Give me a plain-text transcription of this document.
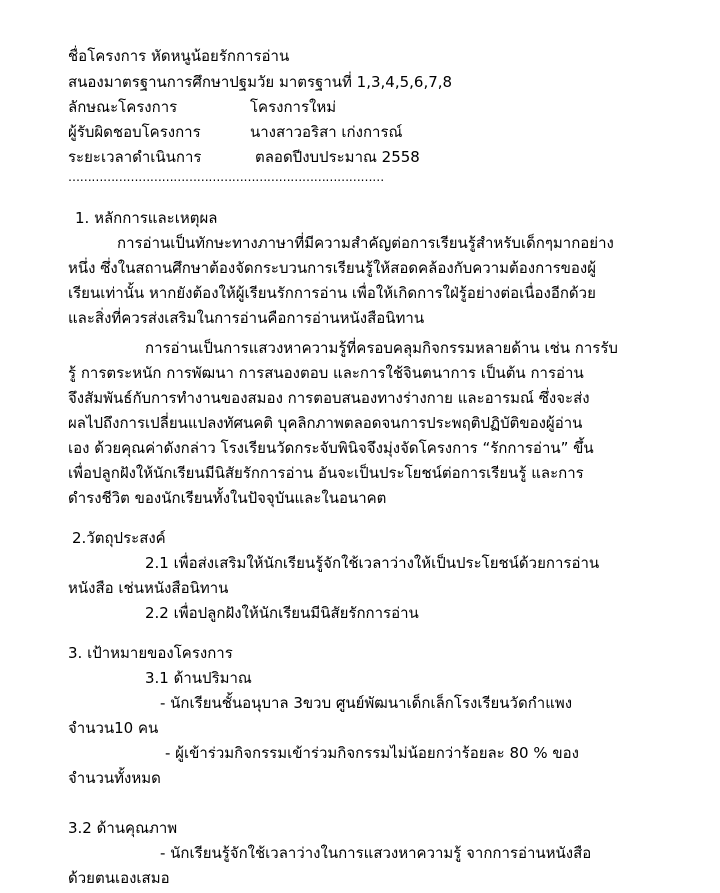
ชื่อโครงการ หัดหนูน้อยรักการอ่าน
สนองมาตรฐานการศึกษาปฐมวัย มาตรฐานที่ 1,3,4,5,6,7,8
ลักษณะโครงการ	โครงการใหม่
ผู้รับผิดชอบโครงการ	นางสาวอริสา เก่งการณ์
ระยะเวลาดำเนินการ	ตลอดปีงบประมาณ 2558
………………………………………………………………………
1. หลักการและเหตุผล
การอ่านเป็นทักษะทางภาษาที่มีความสำคัญต่อการเรียนรู้สำหรับเด็กๆมากอย่าง
หนึ่ง ซึ่งในสถานศึกษาต้องจัดกระบวนการเรียนรู้ให้สอดคล้องกับความต้องการของผู้
เรียนเท่านั้น หากยังต้องให้ผู้เรียนรักการอ่าน เพื่อให้เกิดการใฝ่รู้อย่างต่อเนื่องอีกด้วย
และสิ่งที่ควรส่งเสริมในการอ่านคือการอ่านหนังสือนิทาน
การอ่านเป็นการแสวงหาความรู้ที่ครอบคลุมกิจกรรมหลายด้าน เช่น การรับ
รู้ การตระหนัก การพัฒนา การสนองตอบ และการใช้จินตนาการ เป็นต้น การอ่าน
จึงสัมพันธ์กับการทำงานของสมอง การตอบสนองทางร่างกาย และอารมณ์ ซึ่งจะส่ง
ผลไปถึงการเปลี่ยนแปลงทัศนคติ บุคลิกภาพตลอดจนการประพฤติปฏิบัติของผู้อ่าน
เอง ด้วยคุณค่าดังกล่าว โรงเรียนวัดกระจับพินิจจึงมุ่งจัดโครงการ “รักการอ่าน” ขึ้น
เพื่อปลูกฝังให้นักเรียนมีนิสัยรักการอ่าน อันจะเป็นประโยชน์ต่อการเรียนรู้ และการ
ดำรงชีวิต ของนักเรียนทั้งในปัจจุบันและในอนาคต
2.วัตถุประสงค์
2.1 เพื่อส่งเสริมให้นักเรียนรู้จักใช้เวลาว่างให้เป็นประโยชน์ด้วยการอ่าน
หนังสือ เช่นหนังสือนิทาน
2.2 เพื่อปลูกฝังให้นักเรียนมีนิสัยรักการอ่าน
3. เป้าหมายของโครงการ
3.1 ด้านปริมาณ
- นักเรียนชั้นอนุบาล 3ขวบ ศูนย์พัฒนาเด็กเล็กโรงเรียนวัดกำแพง
จำนวน10 คน
- ผู้เข้าร่วมกิจกรรมเข้าร่วมกิจกรรมไม่น้อยกว่าร้อยละ 80 % ของ
จำนวนทั้งหมด
3.2 ด้านคุณภาพ
- นักเรียนรู้จักใช้เวลาว่างในการแสวงหาความรู้ จากการอ่านหนังสือ
ด้วยตนเองเสมอ
